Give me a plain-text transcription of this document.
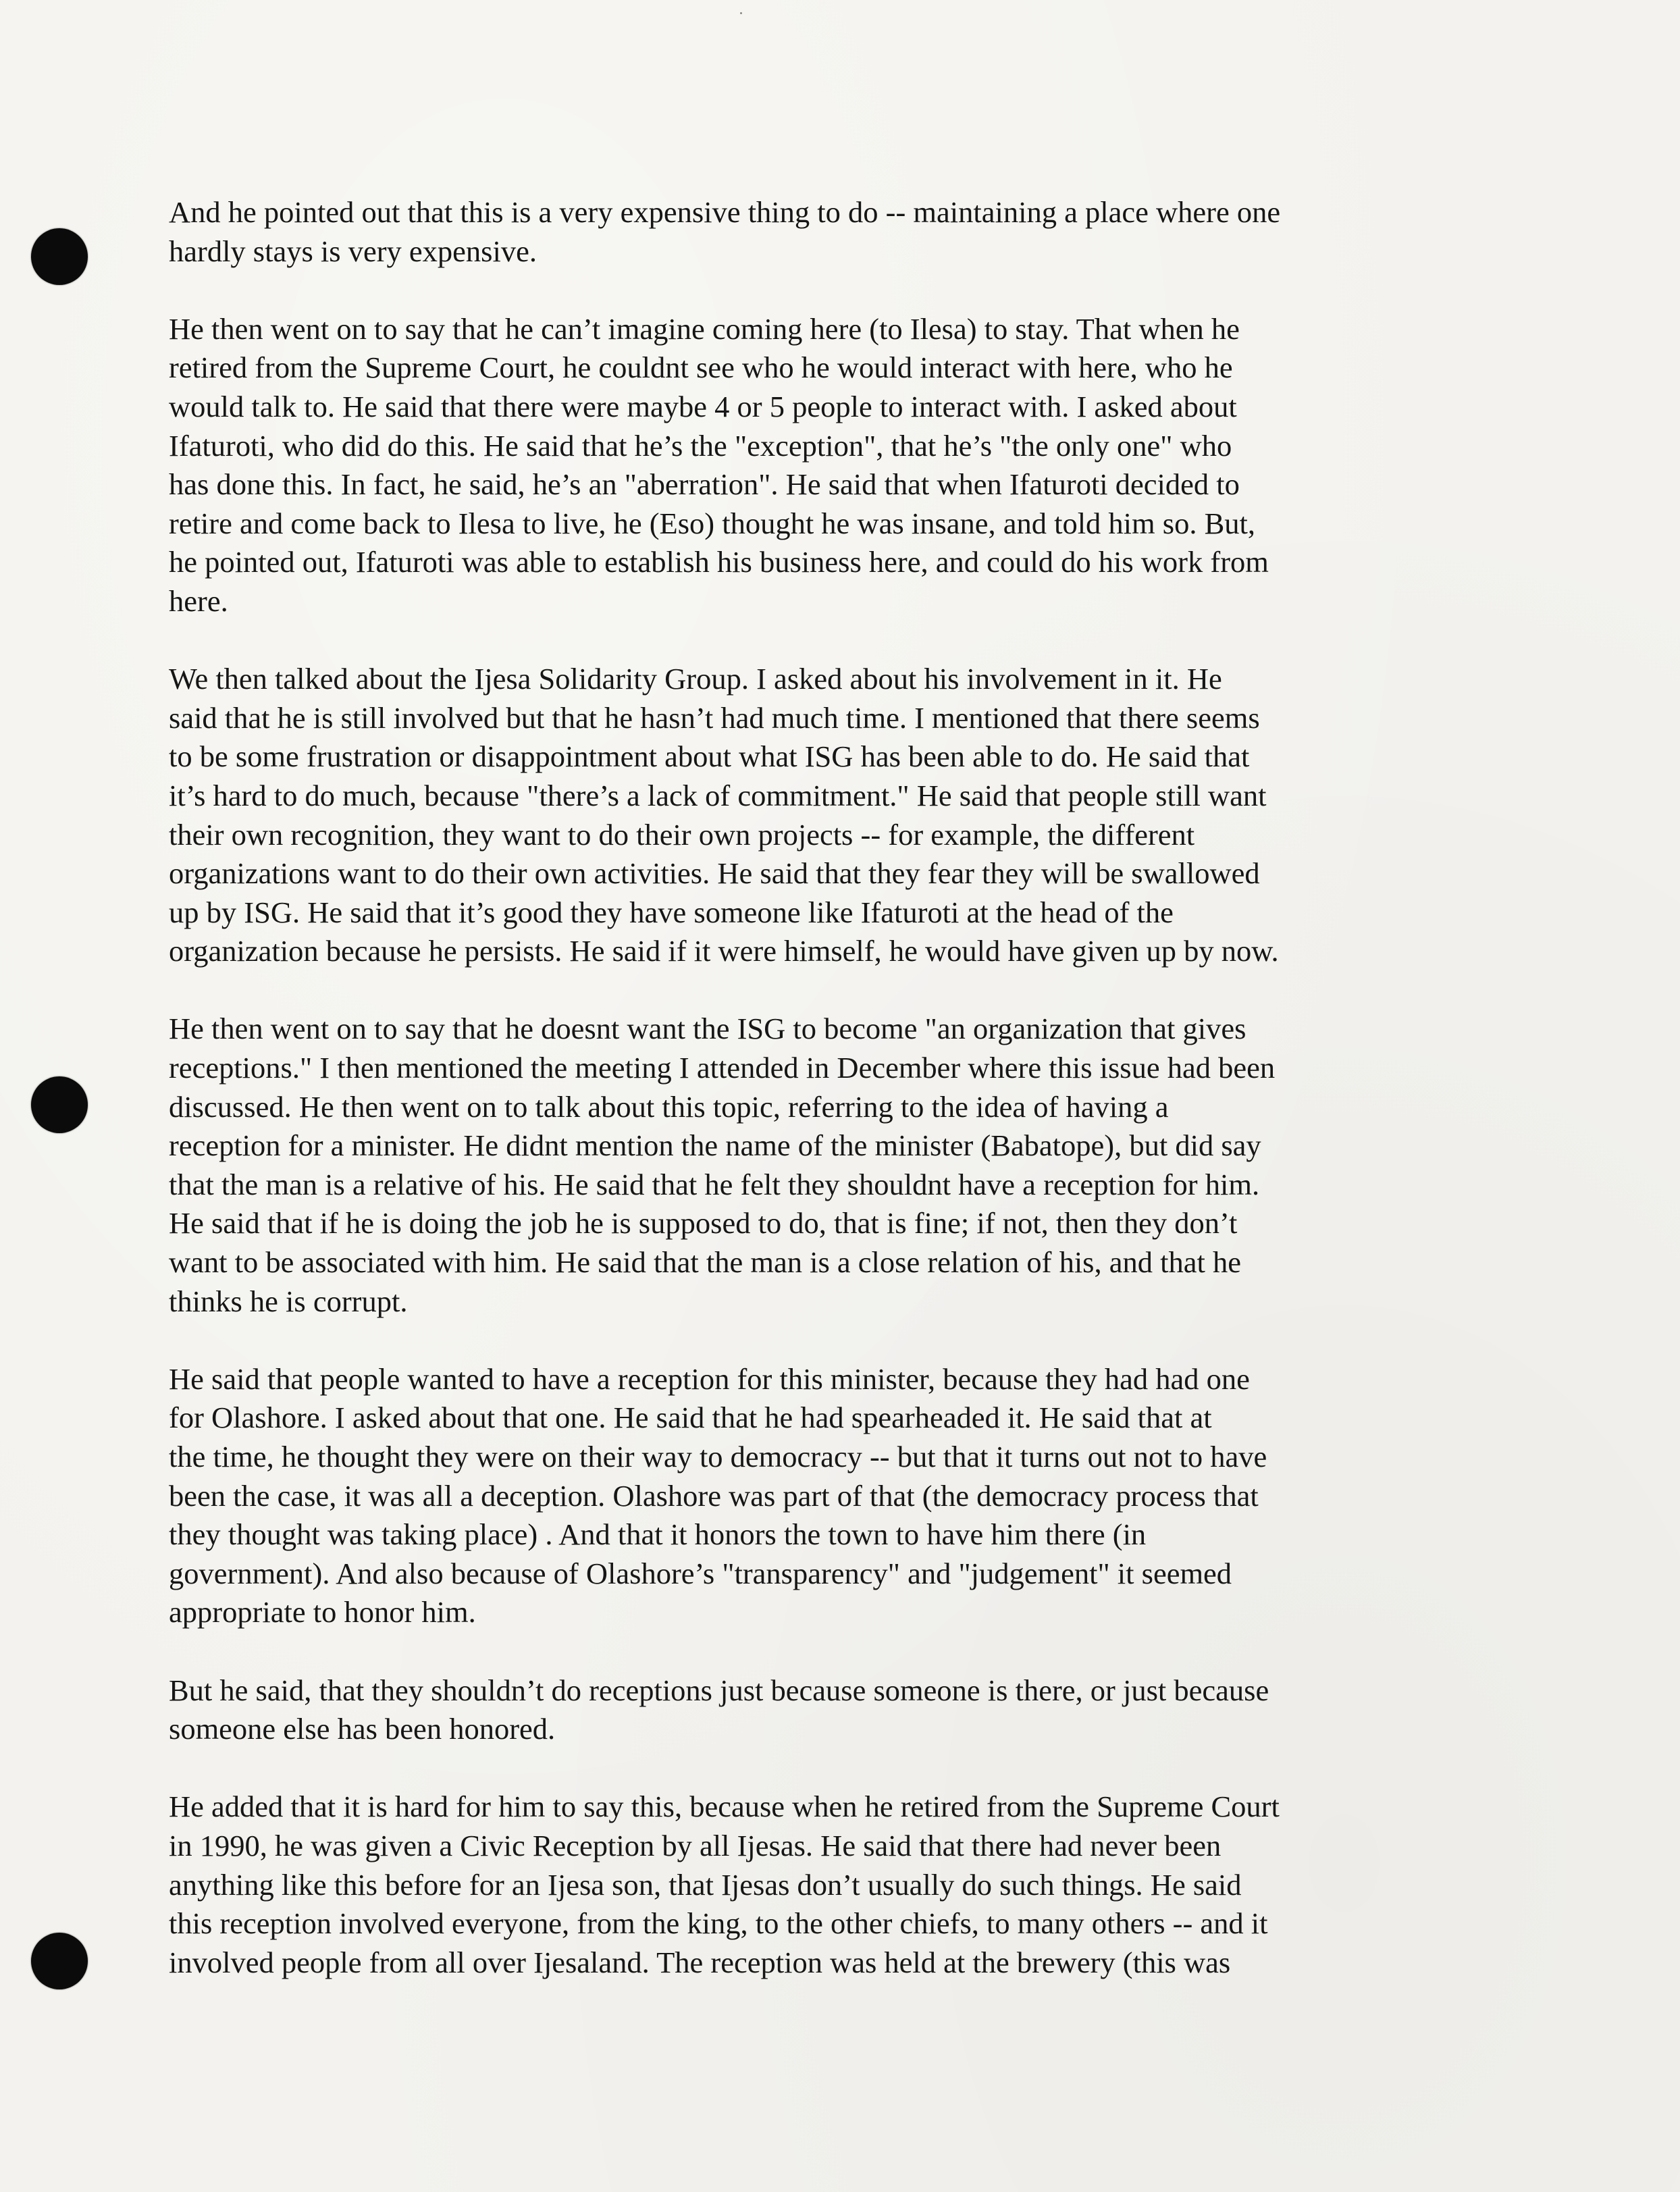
And he pointed out that this is a very expensive thing to do -- maintaining a place where one
hardly stays is very expensive.
He then went on to say that he can’t imagine coming here (to Ilesa) to stay. That when he
retired from the Supreme Court, he couldnt see who he would interact with here, who he
would talk to. He said that there were maybe 4 or 5 people to interact with. I asked about
Ifaturoti, who did do this. He said that he’s the "exception", that he’s "the only one" who
has done this. In fact, he said, he’s an "aberration". He said that when Ifaturoti decided to
retire and come back to Ilesa to live, he (Eso) thought he was insane, and told him so. But,
he pointed out, Ifaturoti was able to establish his business here, and could do his work from
here.
We then talked about the Ijesa Solidarity Group. I asked about his involvement in it. He
said that he is still involved but that he hasn’t had much time. I mentioned that there seems
to be some frustration or disappointment about what ISG has been able to do. He said that
it’s hard to do much, because "there’s a lack of commitment." He said that people still want
their own recognition, they want to do their own projects -- for example, the different
organizations want to do their own activities. He said that they fear they will be swallowed
up by ISG. He said that it’s good they have someone like Ifaturoti at the head of the
organization because he persists. He said if it were himself, he would have given up by now.
He then went on to say that he doesnt want the ISG to become "an organization that gives
receptions." I then mentioned the meeting I attended in December where this issue had been
discussed. He then went on to talk about this topic, referring to the idea of having a
reception for a minister. He didnt mention the name of the minister (Babatope), but did say
that the man is a relative of his. He said that he felt they shouldnt have a reception for him.
He said that if he is doing the job he is supposed to do, that is fine; if not, then they don’t
want to be associated with him. He said that the man is a close relation of his, and that he
thinks he is corrupt.
He said that people wanted to have a reception for this minister, because they had had one
for Olashore. I asked about that one. He said that he had spearheaded it. He said that at
the time, he thought they were on their way to democracy -- but that it turns out not to have
been the case, it was all a deception. Olashore was part of that (the democracy process that
they thought was taking place) . And that it honors the town to have him there (in
government). And also because of Olashore’s "transparency" and "judgement" it seemed
appropriate to honor him.
But he said, that they shouldn’t do receptions just because someone is there, or just because
someone else has been honored.
He added that it is hard for him to say this, because when he retired from the Supreme Court
in 1990, he was given a Civic Reception by all Ijesas. He said that there had never been
anything like this before for an Ijesa son, that Ijesas don’t usually do such things. He said
this reception involved everyone, from the king, to the other chiefs, to many others -- and it
involved people from all over Ijesaland. The reception was held at the brewery (this was
